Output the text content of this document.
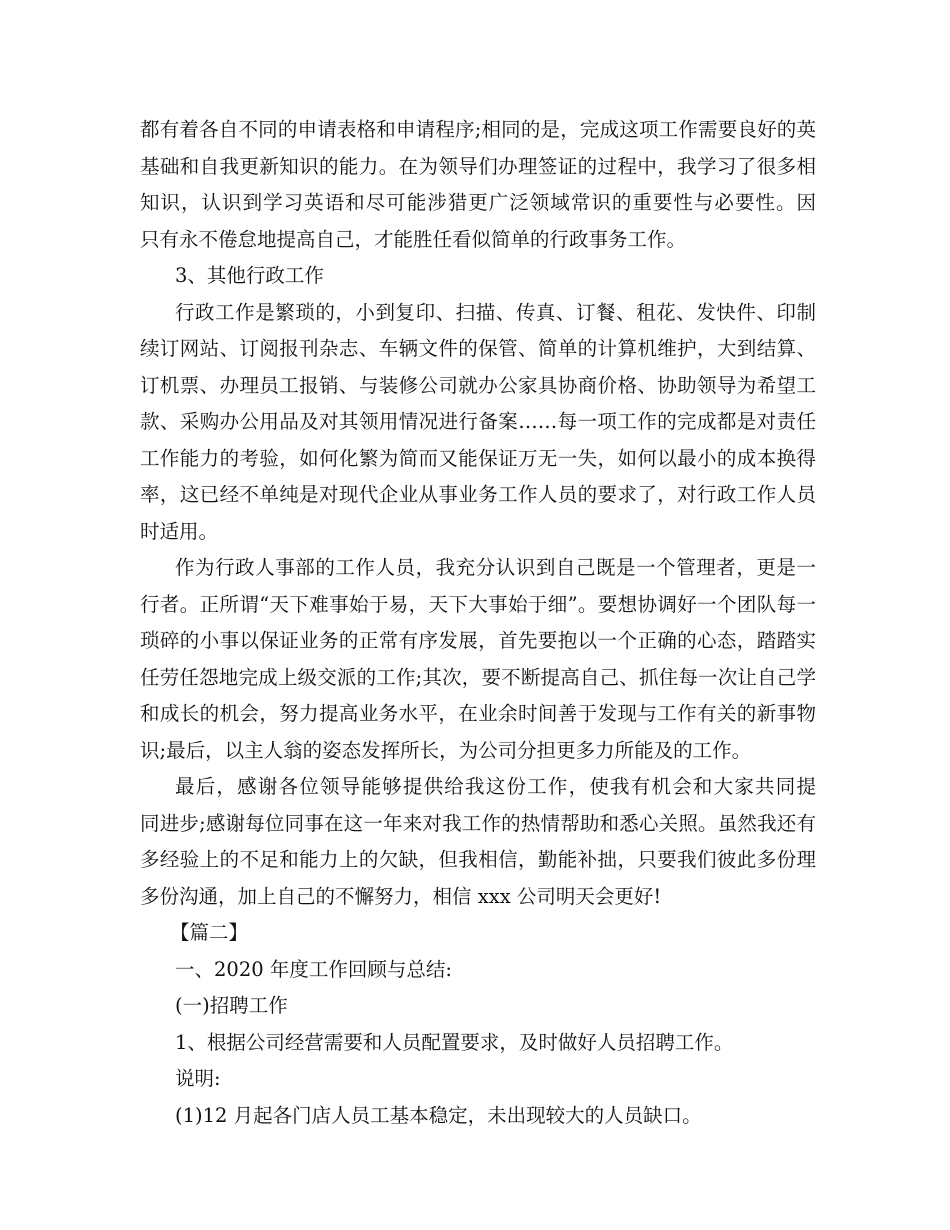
都有着各自不同的申请表格和申请程序;相同的是，完成这项工作需要良好的英
基础和自我更新知识的能力。在为领导们办理签证的过程中，我学习了很多相
知识，认识到学习英语和尽可能涉猎更广泛领域常识的重要性与必要性。因
只有永不倦怠地提高自己，才能胜任看似简单的行政事务工作。
3、其他行政工作
行政工作是繁琐的，小到复印、扫描、传真、订餐、租花、发快件、印制
续订网站、订阅报刊杂志、车辆文件的保管、简单的计算机维护，大到结算、
订机票、办理员工报销、与装修公司就办公家具协商价格、协助领导为希望工
款、采购办公用品及对其领用情况进行备案……每一项工作的完成都是对责任
工作能力的考验，如何化繁为简而又能保证万无一失，如何以最小的成本换得
率，这已经不单纯是对现代企业从事业务工作人员的要求了，对行政工作人员
时适用。
作为行政人事部的工作人员，我充分认识到自己既是一个管理者，更是一
行者。正所谓“天下难事始于易，天下大事始于细”。要想协调好一个团队每一
琐碎的小事以保证业务的正常有序发展，首先要抱以一个正确的心态，踏踏实
任劳任怨地完成上级交派的工作;其次，要不断提高自己、抓住每一次让自己学
和成长的机会，努力提高业务水平，在业余时间善于发现与工作有关的新事物
识;最后，以主人翁的姿态发挥所长，为公司分担更多力所能及的工作。
最后，感谢各位领导能够提供给我这份工作，使我有机会和大家共同提
同进步;感谢每位同事在这一年来对我工作的热情帮助和悉心关照。虽然我还有
多经验上的不足和能力上的欠缺，但我相信，勤能补拙，只要我们彼此多份理
多份沟通，加上自己的不懈努力，相信 xxx 公司明天会更好!
【篇二】
一、2020 年度工作回顾与总结:
(一)招聘工作
1、根据公司经营需要和人员配置要求，及时做好人员招聘工作。
说明:
(1)12 月起各门店人员工基本稳定，未出现较大的人员缺口。
